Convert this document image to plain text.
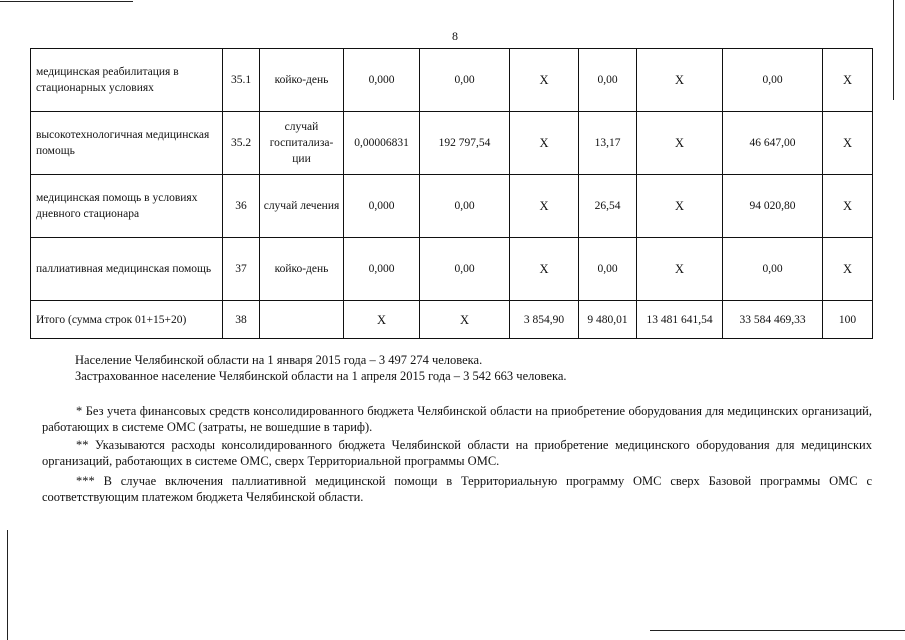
8
медицинская реабилитация в стационарных условиях	35.1	койко-день	0,000	0,00	X	0,00	X	0,00	X
высокотехнологичная медицинская помощь	35.2	случай госпитализа-ции	0,00006831	192 797,54	X	13,17	X	46 647,00	X
медицинская помощь в условиях дневного стационара	36	случай лечения	0,000	0,00	X	26,54	X	94 020,80	X
паллиативная медицинская помощь	37	койко-день	0,000	0,00	X	0,00	X	0,00	X
Итого (сумма строк 01+15+20)	38		X	X	3 854,90	9 480,01	13 481 641,54	33 584 469,33	100

Население Челябинской области на 1 января 2015 года – 3 497 274 человека.

Застрахованное население Челябинской области на 1 апреля 2015 года – 3 542 663 человека.

* Без учета финансовых средств консолидированного бюджета Челябинской области на приобретение оборудования для медицинских организаций, работающих в системе ОМС (затраты, не вошедшие в тариф).

** Указываются расходы консолидированного бюджета Челябинской области на приобретение медицинского оборудования для медицинских организаций, работающих в системе ОМС, сверх Территориальной программы ОМС.

*** В случае включения паллиативной медицинской помощи в Территориальную программу ОМС сверх Базовой программы ОМС с соответствующим платежом бюджета Челябинской области.
